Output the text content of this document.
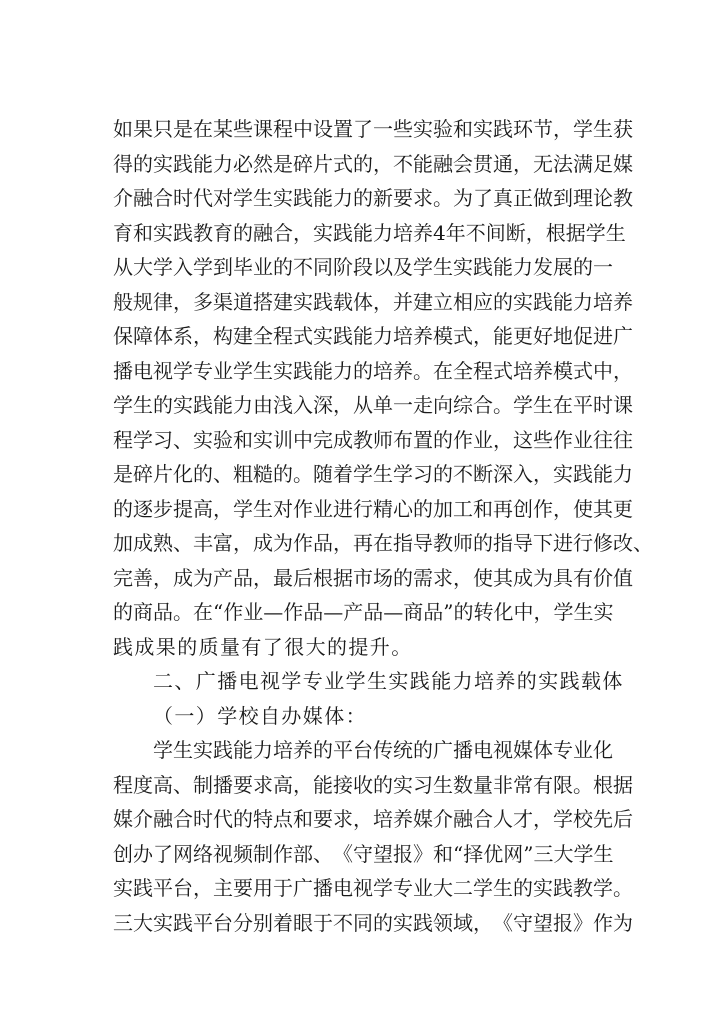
如 果 只 是 在 某 些 课 程 中 设 置 了 一 些 实 验 和 实 践 环 节 ， 学 生 获
得 的 实 践 能 力 必 然 是 碎 片 式 的 ， 不 能 融 会 贯 通 ， 无 法 满 足 媒
介 融 合 时 代 对 学 生 实 践 能 力 的 新 要 求 。 为 了 真 正 做 到 理 论 教
育 和 实 践 教 育 的 融 合 ， 实 践 能 力 培 养 4 年 不 间 断 ， 根 据 学 生
从 大 学 入 学 到 毕 业 的 不 同 阶 段 以 及 学 生 实 践 能 力 发 展 的 一
般 规 律 ， 多 渠 道 搭 建 实 践 载 体 ， 并 建 立 相 应 的 实 践 能 力 培 养
保 障 体 系 ， 构 建 全 程 式 实 践 能 力 培 养 模 式 ， 能 更 好 地 促 进 广
播 电 视 学 专 业 学 生 实 践 能 力 的 培 养 。 在 全 程 式 培 养 模 式 中 ，
学 生 的 实 践 能 力 由 浅 入 深 ， 从 单 一 走 向 综 合 。 学 生 在 平 时 课
程 学 习 、 实 验 和 实 训 中 完 成 教 师 布 置 的 作 业 ， 这 些 作 业 往 往
是 碎 片 化 的 、 粗 糙 的 。 随 着 学 生 学 习 的 不 断 深 入 ， 实 践 能 力
的 逐 步 提 高 ， 学 生 对 作 业 进 行 精 心 的 加 工 和 再 创 作 ， 使 其 更
加 成 熟 、 丰 富 ， 成 为 作 品 ， 再 在 指 导 教 师 的 指 导 下 进 行 修 改 、
完 善 ， 成 为 产 品 ， 最 后 根 据 市 场 的 需 求 ， 使 其 成 为 具 有 价 值
的 商 品 。 在 “ 作 业 — 作 品 — 产 品 — 商 品 ” 的 转 化 中 ， 学 生 实
践成果的质量有了很大的提升。
二、广播电视学专业学生实践能力培养的实践载体
（一）学校自办媒体：
学 生 实 践 能 力 培 养 的 平 台 传 统 的 广 播 电 视 媒 体 专 业 化
程 度 高 、 制 播 要 求 高 ， 能 接 收 的 实 习 生 数 量 非 常 有 限 。 根 据
媒 介 融 合 时 代 的 特 点 和 要 求 ， 培 养 媒 介 融 合 人 才 ， 学 校 先 后
创 办 了 网 络 视 频 制 作 部 、 《 守 望 报 》 和 “ 择 优 网 ” 三 大 学 生
实 践 平 台 ， 主 要 用 于 广 播 电 视 学 专 业 大 二 学 生 的 实 践 教 学 。
三 大 实 践 平 台 分 别 着 眼 于 不 同 的 实 践 领 域 ， 《 守 望 报 》 作 为
